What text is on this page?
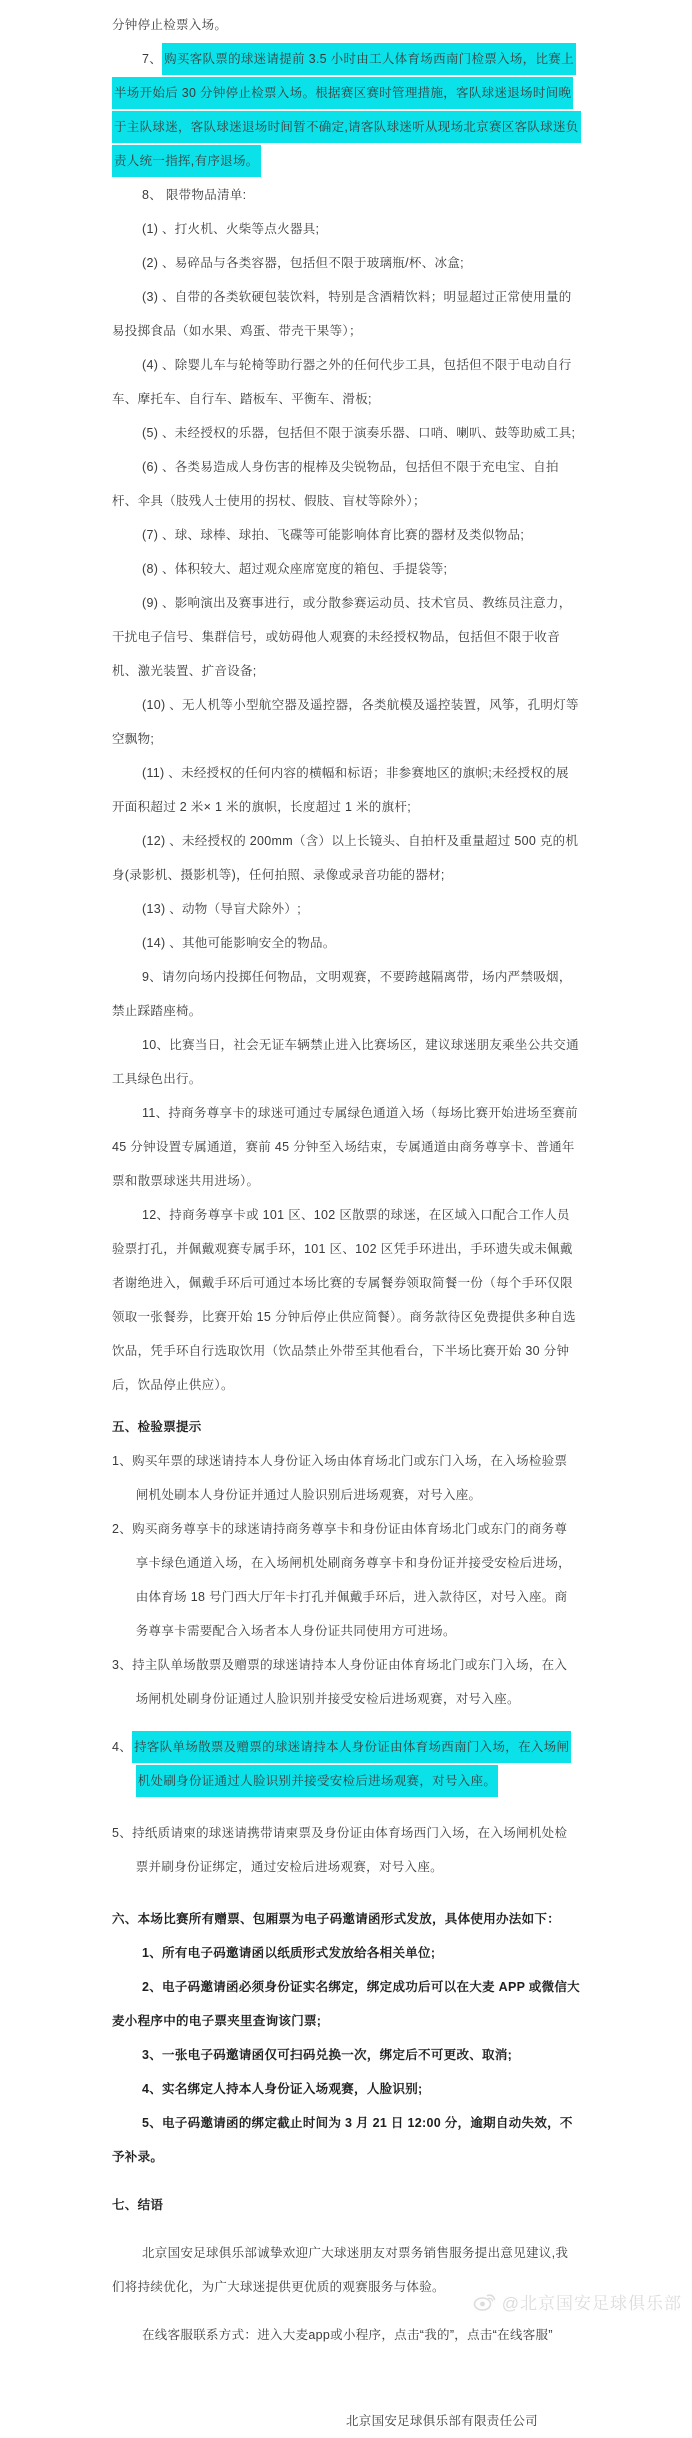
分钟停止检票入场。

7、 购买客队票的球迷请提前 3.5 小时由工人体育场西南门检票入场，比赛上半场开始后 30 分钟停止检票入场。根据赛区赛时管理措施，客队球迷退场时间晚于主队球迷，客队球迷退场时间暂不确定,请客队球迷听从现场北京赛区客队球迷负责人统一指挥,有序退场。

8、 限带物品清单:

(1) 、打火机、火柴等点火器具;

(2) 、易碎品与各类容器，包括但不限于玻璃瓶/杯、冰盒;

(3) 、自带的各类软硬包装饮料，特别是含酒精饮料；明显超过正常使用量的易投掷食品（如水果、鸡蛋、带壳干果等）；

(4) 、除婴儿车与轮椅等助行器之外的任何代步工具，包括但不限于电动自行车、摩托车、自行车、踏板车、平衡车、滑板;

(5) 、未经授权的乐器，包括但不限于演奏乐器、口哨、喇叭、鼓等助威工具;

(6) 、各类易造成人身伤害的棍棒及尖锐物品，包括但不限于充电宝、自拍杆、伞具（肢残人士使用的拐杖、假肢、盲杖等除外）；

(7) 、球、球棒、球拍、飞碟等可能影响体育比赛的器材及类似物品;

(8) 、体积较大、超过观众座席宽度的箱包、手提袋等;

(9) 、影响演出及赛事进行，或分散参赛运动员、技术官员、教练员注意力，干扰电子信号、集群信号，或妨碍他人观赛的未经授权物品，包括但不限于收音机、激光装置、扩音设备;

(10) 、无人机等小型航空器及遥控器，各类航模及遥控装置，风筝，孔明灯等空飘物;

(11) 、未经授权的任何内容的横幅和标语；非参赛地区的旗帜;未经授权的展开面积超过 2 米× 1 米的旗帜，长度超过 1 米的旗杆;

(12) 、未经授权的 200mm（含）以上长镜头、自拍杆及重量超过 500 克的机身(录影机、摄影机等)，任何拍照、录像或录音功能的器材;

(13) 、动物（导盲犬除外）;

(14) 、其他可能影响安全的物品。

9、请勿向场内投掷任何物品，文明观赛，不要跨越隔离带，场内严禁吸烟，禁止踩踏座椅。

10、比赛当日，社会无证车辆禁止进入比赛场区，建议球迷朋友乘坐公共交通工具绿色出行。

11、持商务尊享卡的球迷可通过专属绿色通道入场（每场比赛开始进场至赛前 45 分钟设置专属通道，赛前 45 分钟至入场结束，专属通道由商务尊享卡、普通年票和散票球迷共用进场）。

12、持商务尊享卡或 101 区、102 区散票的球迷，在区域入口配合工作人员验票打孔，并佩戴观赛专属手环，101 区、102 区凭手环进出，手环遗失或未佩戴者谢绝进入，佩戴手环后可通过本场比赛的专属餐券领取简餐一份（每个手环仅限领取一张餐券，比赛开始 15 分钟后停止供应简餐）。商务款待区免费提供多种自选饮品，凭手环自行选取饮用（饮品禁止外带至其他看台，下半场比赛开始 30 分钟后，饮品停止供应）。

五、检验票提示

1、购买年票的球迷请持本人身份证入场由体育场北门或东门入场，在入场检验票闸机处刷本人身份证并通过人脸识别后进场观赛，对号入座。

2、购买商务尊享卡的球迷请持商务尊享卡和身份证由体育场北门或东门的商务尊享卡绿色通道入场，在入场闸机处刷商务尊享卡和身份证并接受安检后进场，由体育场 18 号门西大厅年卡打孔并佩戴手环后，进入款待区，对号入座。商务尊享卡需要配合入场者本人身份证共同使用方可进场。

3、持主队单场散票及赠票的球迷请持本人身份证由体育场北门或东门入场，在入场闸机处刷身份证通过人脸识别并接受安检后进场观赛，对号入座。

4、 持客队单场散票及赠票的球迷请持本人身份证由体育场西南门入场，在入场闸机处刷身份证通过人脸识别并接受安检后进场观赛，对号入座。

5、持纸质请柬的球迷请携带请柬票及身份证由体育场西门入场，在入场闸机处检票并刷身份证绑定，通过安检后进场观赛，对号入座。

六、本场比赛所有赠票、包厢票为电子码邀请函形式发放，具体使用办法如下：

1、所有电子码邀请函以纸质形式发放给各相关单位;

2、电子码邀请函必须身份证实名绑定，绑定成功后可以在大麦 APP 或微信大麦小程序中的电子票夹里查询该门票;

3、一张电子码邀请函仅可扫码兑换一次，绑定后不可更改、取消;

4、实名绑定人持本人身份证入场观赛，人脸识别;

5、电子码邀请函的绑定截止时间为 3 月 21 日 12:00 分，逾期自动失效，不予补录。

七、结语

北京国安足球俱乐部诚挚欢迎广大球迷朋友对票务销售服务提出意见建议,我们将持续优化，为广大球迷提供更优质的观赛服务与体验。

在线客服联系方式：进入大麦app或小程序，点击“我的”，点击“在线客服”

北京国安足球俱乐部有限责任公司

@北京国安足球俱乐部
